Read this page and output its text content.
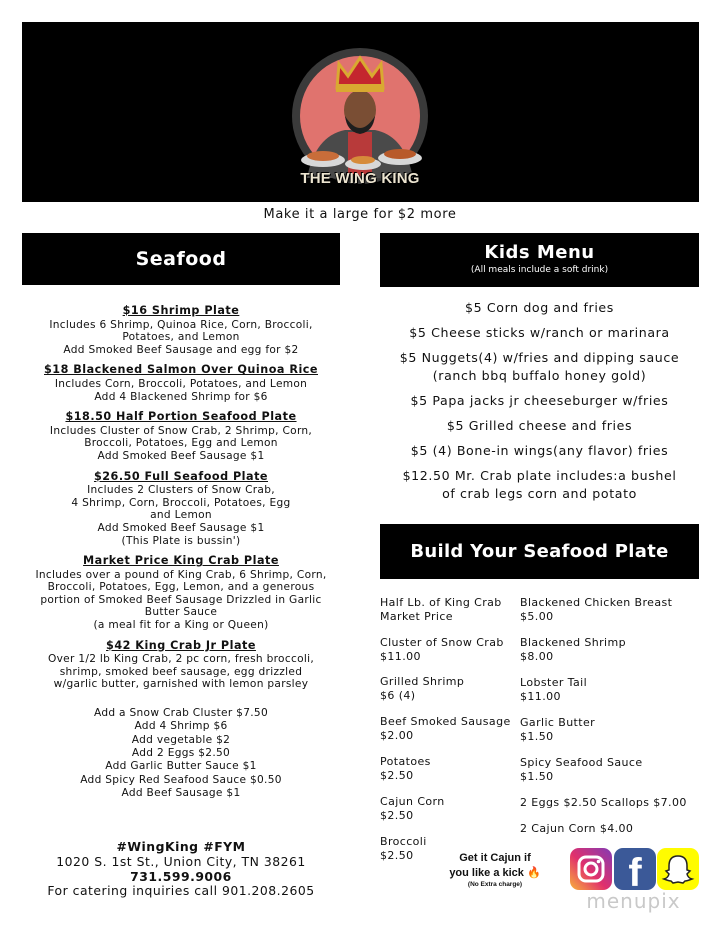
THE WING KING
Make it a large for $2 more
Seafood
$16 Shrimp Plate
Includes 6 Shrimp, Quinoa Rice, Corn, Broccoli,
Potatoes, and Lemon
Add Smoked Beef Sausage and egg for $2
$18 Blackened Salmon Over Quinoa Rice
Includes Corn, Broccoli, Potatoes, and Lemon
Add 4 Blackened Shrimp for $6
$18.50 Half Portion Seafood Plate
Includes Cluster of Snow Crab, 2 Shrimp, Corn,
Broccoli, Potatoes, Egg and Lemon
Add Smoked Beef Sausage $1
$26.50 Full Seafood Plate
Includes 2 Clusters of Snow Crab,
4 Shrimp, Corn, Broccoli, Potatoes, Egg
and Lemon
Add Smoked Beef Sausage $1
(This Plate is bussin')
Market Price King Crab Plate
Includes over a pound of King Crab, 6 Shrimp, Corn,
Broccoli, Potatoes, Egg, Lemon, and a generous
portion of Smoked Beef Sausage Drizzled in Garlic
Butter Sauce
(a meal fit for a King or Queen)
$42 King Crab Jr Plate
Over 1/2 lb King Crab, 2 pc corn, fresh broccoli,
shrimp, smoked beef sausage, egg drizzled
w/garlic butter, garnished with lemon parsley
Add a Snow Crab Cluster $7.50
Add 4 Shrimp $6
Add vegetable $2
Add 2 Eggs $2.50
Add Garlic Butter Sauce $1
Add Spicy Red Seafood Sauce $0.50
Add Beef Sausage $1
#WingKing #FYM
1020 S. 1st St., Union City, TN 38261
731.599.9006
For catering inquiries call 901.208.2605
Kids Menu
(All meals include a soft drink)
$5 Corn dog and fries
$5 Cheese sticks w/ranch or marinara
$5 Nuggets(4) w/fries and dipping sauce
(ranch bbq buffalo honey gold)
$5 Papa jacks jr cheeseburger w/fries
$5 Grilled cheese and fries
$5 (4) Bone-in wings(any flavor) fries
$12.50 Mr. Crab plate includes:a bushel
of crab legs corn and potato
Build Your Seafood Plate
Half Lb. of King Crab
Market Price
Cluster of Snow Crab
$11.00
Grilled Shrimp
$6 (4)
Beef Smoked Sausage
$2.00
Potatoes
$2.50
Cajun Corn
$2.50
Broccoli
$2.50
Blackened Chicken Breast
$5.00
Blackened Shrimp
$8.00
Lobster Tail
$11.00
Garlic Butter
$1.50
Spicy Seafood Sauce
$1.50
2 Eggs $2.50 Scallops $7.00
2 Cajun Corn $4.00
Get it Cajun if
you like a kick 🔥
(No Extra charge)	f
menupix
